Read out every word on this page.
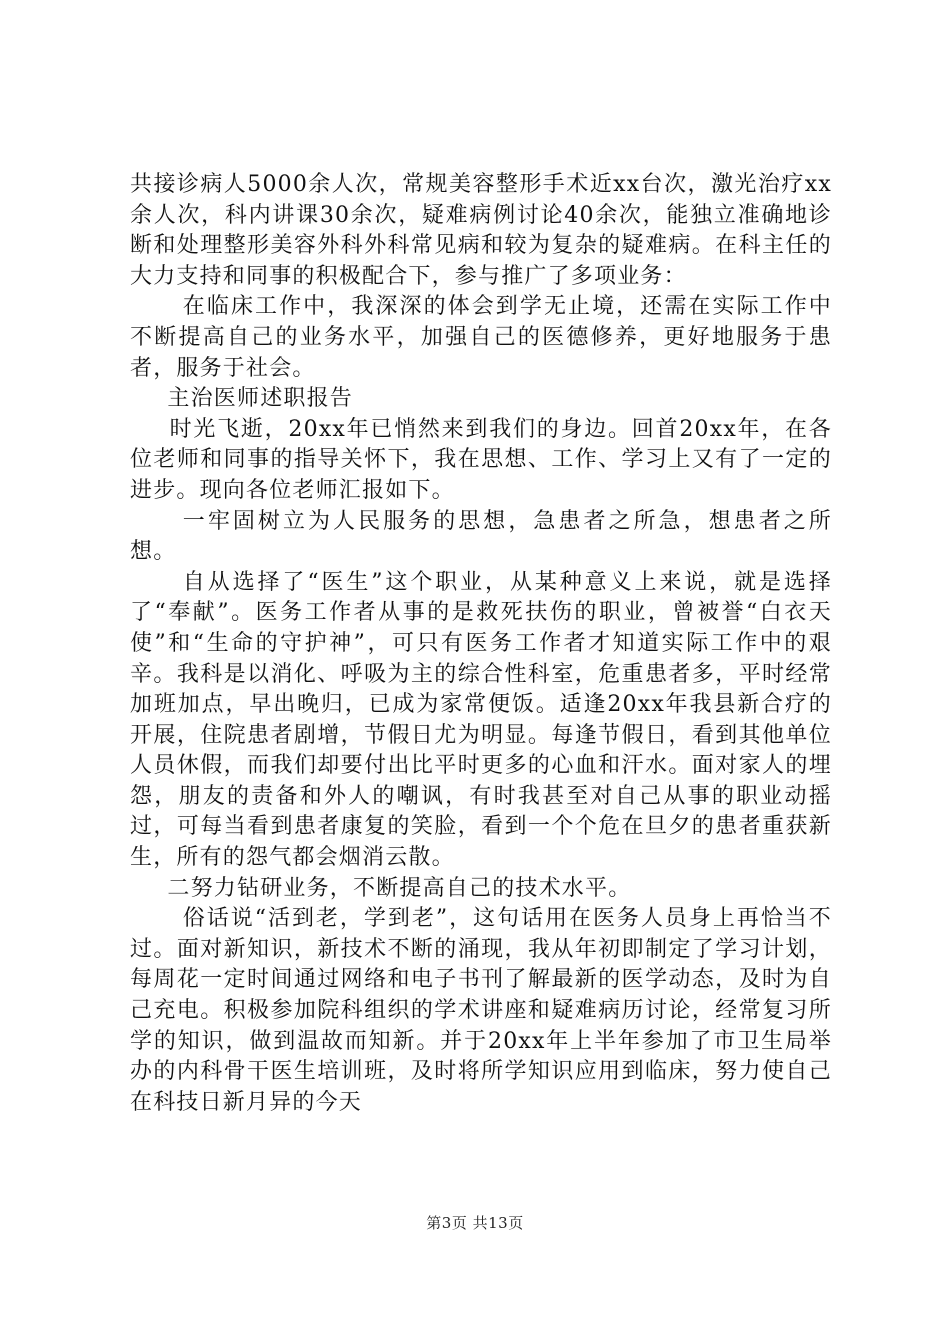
共接诊病人5000余人次，常规美容整形手术近xx台次，激光治疗xx余人次，科内讲课30余次，疑难病例讨论40余次，能独立准确地诊断和处理整形美容外科外科常见病和较为复杂的疑难病。在科主任的大力支持和同事的积极配合下，参与推广了多项业务：

在临床工作中，我深深的体会到学无止境，还需在实际工作中不断提高自己的业务水平，加强自己的医德修养，更好地服务于患者，服务于社会。

主治医师述职报告

时光飞逝，20xx年已悄然来到我们的身边。回首20xx年，在各位老师和同事的指导关怀下，我在思想、工作、学习上又有了一定的进步。现向各位老师汇报如下。

一牢固树立为人民服务的思想，急患者之所急，想患者之所想。

自从选择了“医生”这个职业，从某种意义上来说，就是选择了“奉献”。医务工作者从事的是救死扶伤的职业，曾被誉“白衣天使”和“生命的守护神”，可只有医务工作者才知道实际工作中的艰辛。我科是以消化、呼吸为主的综合性科室，危重患者多，平时经常加班加点，早出晚归，已成为家常便饭。适逢20xx年我县新合疗的开展，住院患者剧增，节假日尤为明显。每逢节假日，看到其他单位人员休假，而我们却要付出比平时更多的心血和汗水。面对家人的埋怨，朋友的责备和外人的嘲讽，有时我甚至对自己从事的职业动摇过，可每当看到患者康复的笑脸，看到一个个危在旦夕的患者重获新生，所有的怨气都会烟消云散。

二努力钻研业务，不断提高自己的技术水平。

俗话说“活到老，学到老”，这句话用在医务人员身上再恰当不过。面对新知识，新技术不断的涌现，我从年初即制定了学习计划，每周花一定时间通过网络和电子书刊了解最新的医学动态，及时为自己充电。积极参加院科组织的学术讲座和疑难病历讨论，经常复习所学的知识，做到温故而知新。并于20xx年上半年参加了市卫生局举办的内科骨干医生培训班，及时将所学知识应用到临床，努力使自己在科技日新月异的今天

第3页 共13页
